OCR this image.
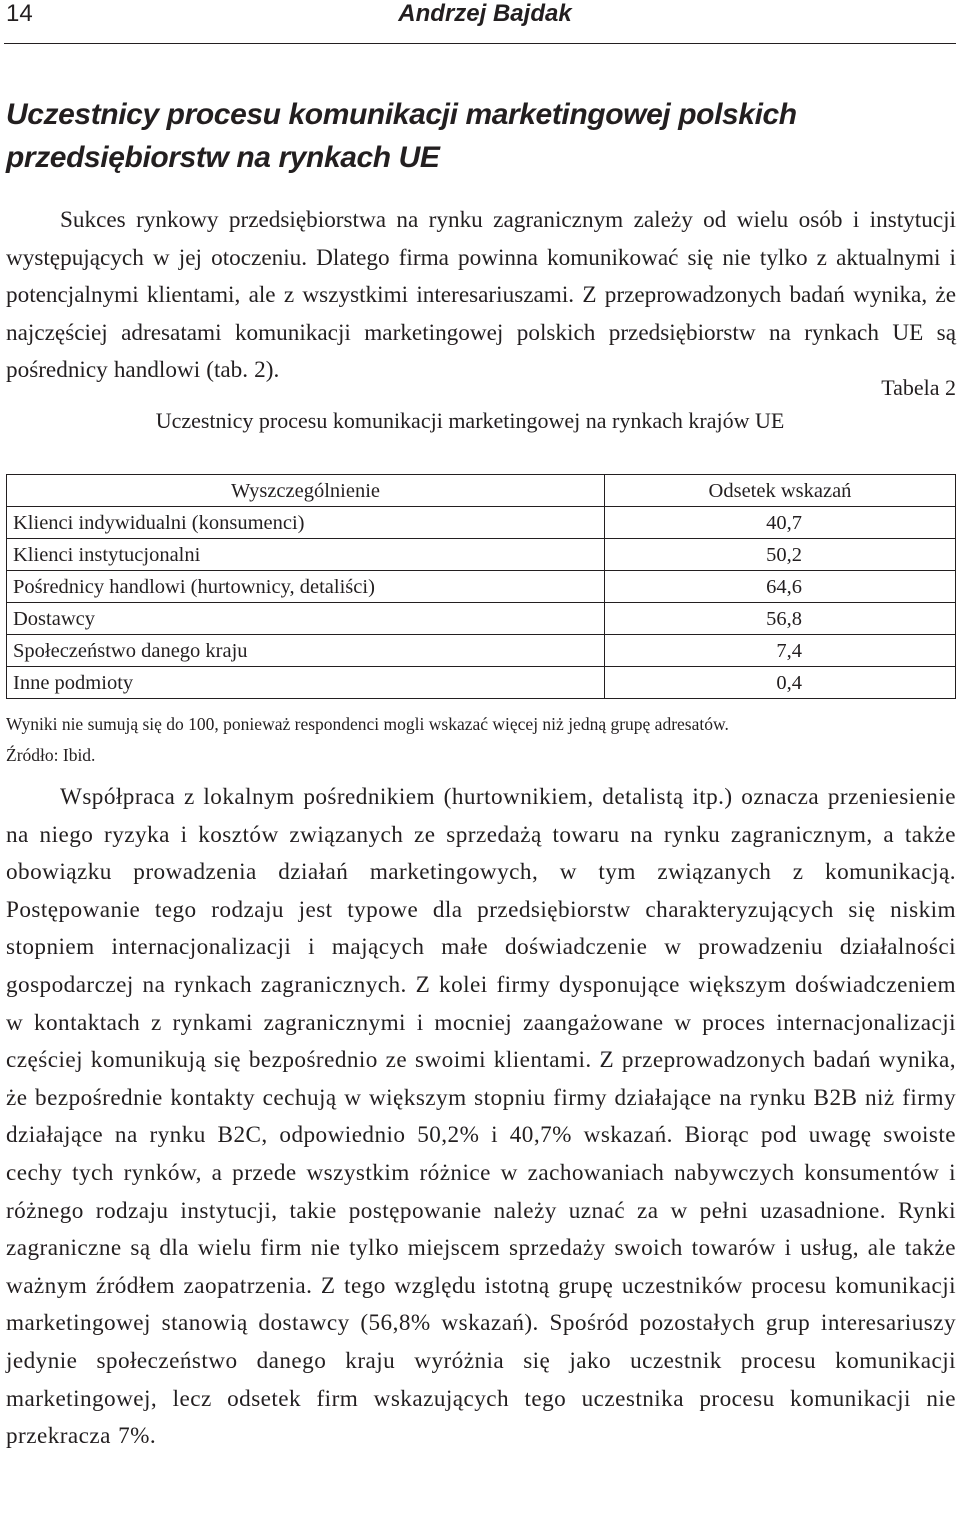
14	Andrzej Bajdak
Uczestnicy procesu komunikacji marketingowej polskich
przedsiębiorstw na rynkach UE

Sukces rynkowy przedsiębiorstwa na rynku zagranicznym zależy od wielu osób i instytucji występujących w jej otoczeniu. Dlatego firma powinna komunikować się nie tylko z aktualnymi i potencjalnymi klientami, ale z wszystkimi interesariuszami. Z przeprowadzonych badań wynika, że najczęściej adresatami komunikacji marketingowej polskich przedsiębiorstw na rynkach UE są pośrednicy handlowi (tab. 2).

Tabela 2
Uczestnicy procesu komunikacji marketingowej na rynkach krajów UE
Wyszczególnienie	Odsetek wskazań
Klienci indywidualni (konsumenci)	40,7
Klienci instytucjonalni	50,2
Pośrednicy handlowi (hurtownicy, detaliści)	64,6
Dostawcy	56,8
Społeczeństwo danego kraju	7,4
Inne podmioty	0,4
Wyniki nie sumują się do 100, ponieważ respondenci mogli wskazać więcej niż jedną grupę adresatów.
Źródło: Ibid.

Współpraca z lokalnym pośrednikiem (hurtownikiem, detalistą itp.) oznacza przeniesienie na niego ryzyka i kosztów związanych ze sprzedażą towaru na rynku zagranicznym, a także obowiązku prowadzenia działań marketingowych, w tym związanych z komunikacją. Postępowanie tego rodzaju jest typowe dla przedsiębiorstw charakteryzujących się niskim stopniem internacjonalizacji i mających małe doświadczenie w prowadzeniu działalności gospodarczej na rynkach zagranicznych. Z kolei firmy dysponujące większym doświadczeniem w kontaktach z rynkami zagranicznymi i mocniej zaangażowane w proces internacjonalizacji częściej komunikują się bezpośrednio ze swoimi klientami. Z przeprowadzonych badań wynika, że bezpośrednie kontakty cechują w większym stopniu firmy działające na rynku B2B niż firmy działające na rynku B2C, odpowiednio 50,2% i 40,7% wskazań. Biorąc pod uwagę swoiste cechy tych rynków, a przede wszystkim różnice w zachowaniach nabywczych konsumentów i różnego rodzaju instytucji, takie postępowanie należy uznać za w pełni uzasadnione. Rynki zagraniczne są dla wielu firm nie tylko miejscem sprzedaży swoich towarów i usług, ale także ważnym źródłem zaopatrzenia. Z tego względu istotną grupę uczestników procesu komunikacji marketingowej stanowią dostawcy (56,8% wskazań). Spośród pozostałych grup interesariuszy jedynie społeczeństwo danego kraju wyróżnia się jako uczestnik procesu komunikacji marketingowej, lecz odsetek firm wskazujących tego uczestnika procesu komunikacji nie przekracza 7%.
